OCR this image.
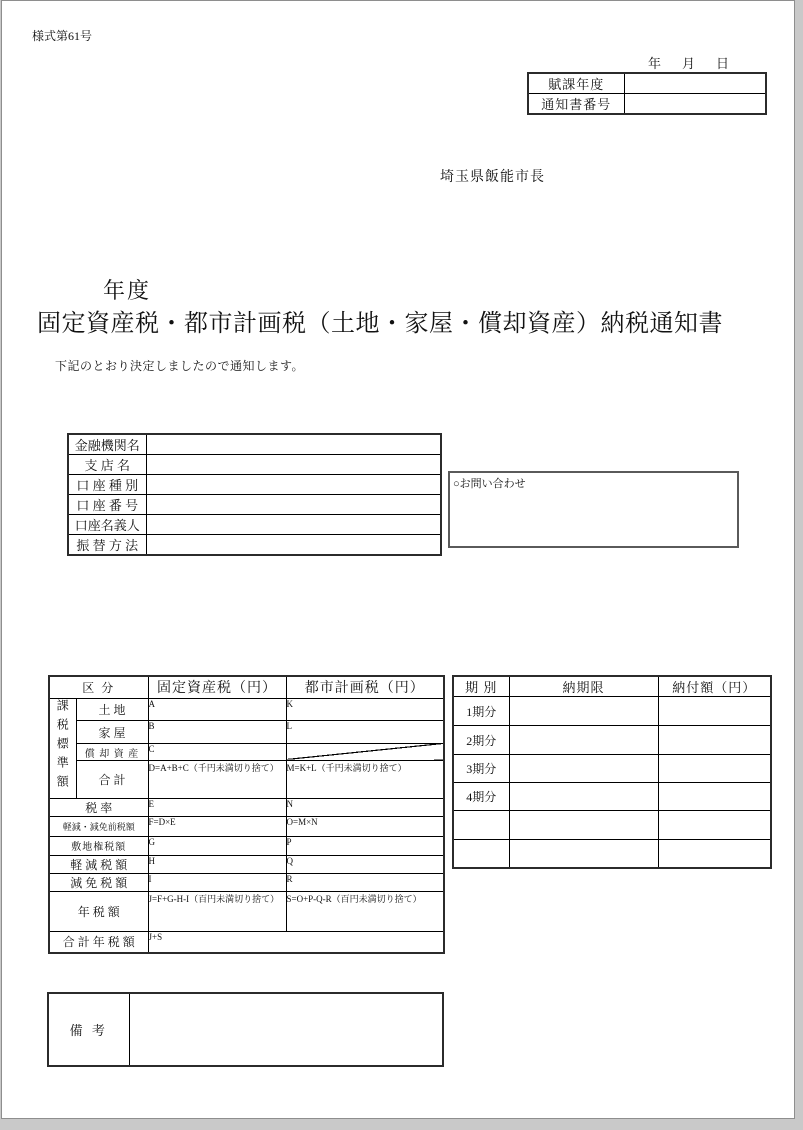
様式第61号
年　月　日
賦課年度	
通知書番号	
埼玉県飯能市長
年度
固定資産税・都市計画税（土地・家屋・償却資産）納税通知書
下記のとおり決定しましたので通知します。
金融機関名	
支 店 名	
口 座 種 別	
口 座 番 号	
口座名義人	
振 替 方 法	
○お問い合わせ
区 分		固定資産税（円）	都市計画税（円）
課税標準額	土 地	A	K
	家 屋	B	L
	償 却 資 産	C	
	合 計	D=A+B+C（千円未満切り捨て）	M=K+L（千円未満切り捨て）
税 率		E	N
軽減・減免前税額		F=D×E	O=M×N
敷地権税額		G	P
軽 減 税 額		H	Q
減 免 税 額		I	R
年 税 額		J=F+G-H-I（百円未満切り捨て）	S=O+P-Q-R（百円未満切り捨て）
合 計 年 税 額		J+S	
期 別	納期限	納付額（円）
1期分		
2期分		
3期分		
4期分		

備 考	
